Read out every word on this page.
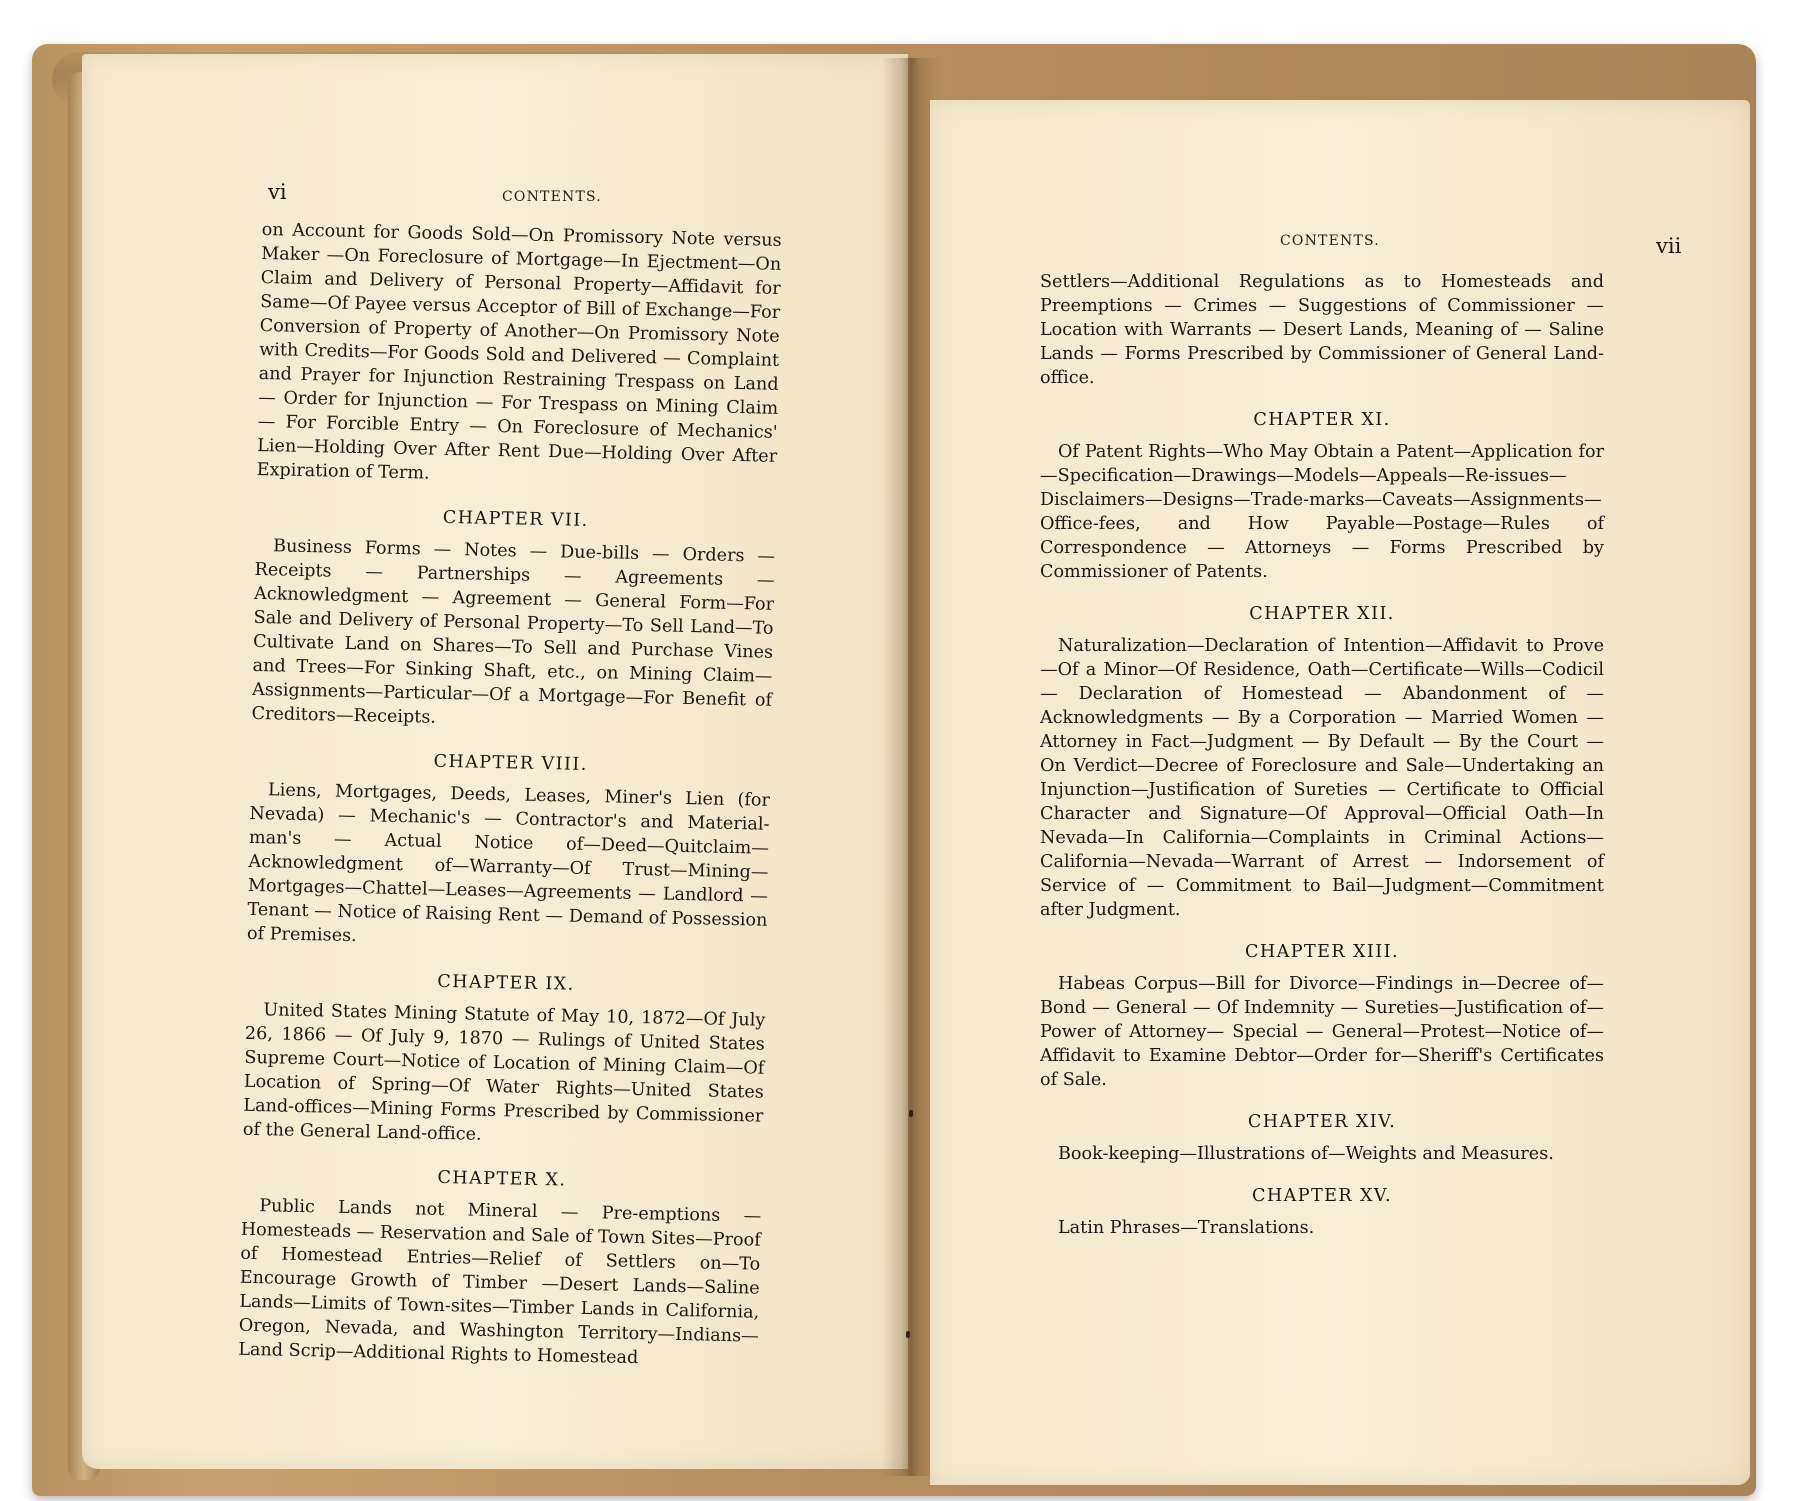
vi	CONTENTS.

on Account for Goods Sold—On Promissory Note versus Maker —On Foreclosure of Mortgage—In Ejectment—On Claim and Delivery of Personal Property—Affidavit for Same—Of Payee versus Acceptor of Bill of Exchange—For Conversion of Property of Another—On Promissory Note with Credits—For Goods Sold and Delivered — Complaint and Prayer for Injunction Restraining Trespass on Land — Order for Injunction — For Trespass on Mining Claim — For Forcible Entry — On Foreclosure of Mechanics' Lien—Holding Over After Rent Due—Holding Over After Expiration of Term.

CHAPTER VII.

Business Forms — Notes — Due-bills — Orders — Receipts — Partnerships — Agreements — Acknowledgment — Agreement — General Form—For Sale and Delivery of Personal Property—To Sell Land—To Cultivate Land on Shares—To Sell and Purchase Vines and Trees—For Sinking Shaft, etc., on Mining Claim—Assignments—Particular—Of a Mortgage—For Benefit of Creditors—Receipts.

CHAPTER VIII.

Liens, Mortgages, Deeds, Leases, Miner's Lien (for Nevada) — Mechanic's — Contractor's and Material-man's — Actual Notice of—Deed—Quitclaim—Acknowledgment of—Warranty—Of Trust—Mining—Mortgages—Chattel—Leases—Agreements — Landlord — Tenant — Notice of Raising Rent — Demand of Possession of Premises.

CHAPTER IX.

United States Mining Statute of May 10, 1872—Of July 26, 1866 — Of July 9, 1870 — Rulings of United States Supreme Court—Notice of Location of Mining Claim—Of Location of Spring—Of Water Rights—United States Land-offices—Mining Forms Prescribed by Commissioner of the General Land-office.

CHAPTER X.

Public Lands not Mineral — Pre-emptions — Homesteads — Reservation and Sale of Town Sites—Proof of Homestead Entries—Relief of Settlers on—To Encourage Growth of Timber —Desert Lands—Saline Lands—Limits of Town-sites—Timber Lands in California, Oregon, Nevada, and Washington Territory—Indians—Land Scrip—Additional Rights to Homestead

CONTENTS.	vii

Settlers—Additional Regulations as to Homesteads and Preemptions — Crimes — Suggestions of Commissioner — Location with Warrants — Desert Lands, Meaning of — Saline Lands — Forms Prescribed by Commissioner of General Land-office.

CHAPTER XI.

Of Patent Rights—Who May Obtain a Patent—Application for—Specification—Drawings—Models—Appeals—Re-issues—Disclaimers—Designs—Trade-marks—Caveats—Assignments—Office-fees, and How Payable—Postage—Rules of Correspondence — Attorneys — Forms Prescribed by Commissioner of Patents.

CHAPTER XII.

Naturalization—Declaration of Intention—Affidavit to Prove —Of a Minor—Of Residence, Oath—Certificate—Wills—Codicil — Declaration of Homestead — Abandonment of — Acknowledgments — By a Corporation — Married Women — Attorney in Fact—Judgment — By Default — By the Court — On Verdict—Decree of Foreclosure and Sale—Undertaking an Injunction—Justification of Sureties — Certificate to Official Character and Signature—Of Approval—Official Oath—In Nevada—In California—Complaints in Criminal Actions—California—Nevada—Warrant of Arrest — Indorsement of Service of — Commitment to Bail—Judgment—Commitment after Judgment.

CHAPTER XIII.

Habeas Corpus—Bill for Divorce—Findings in—Decree of—Bond — General — Of Indemnity — Sureties—Justification of—Power of Attorney— Special — General—Protest—Notice of—Affidavit to Examine Debtor—Order for—Sheriff's Certificates of Sale.

CHAPTER XIV.

Book-keeping—Illustrations of—Weights and Measures.

CHAPTER XV.

Latin Phrases—Translations.
